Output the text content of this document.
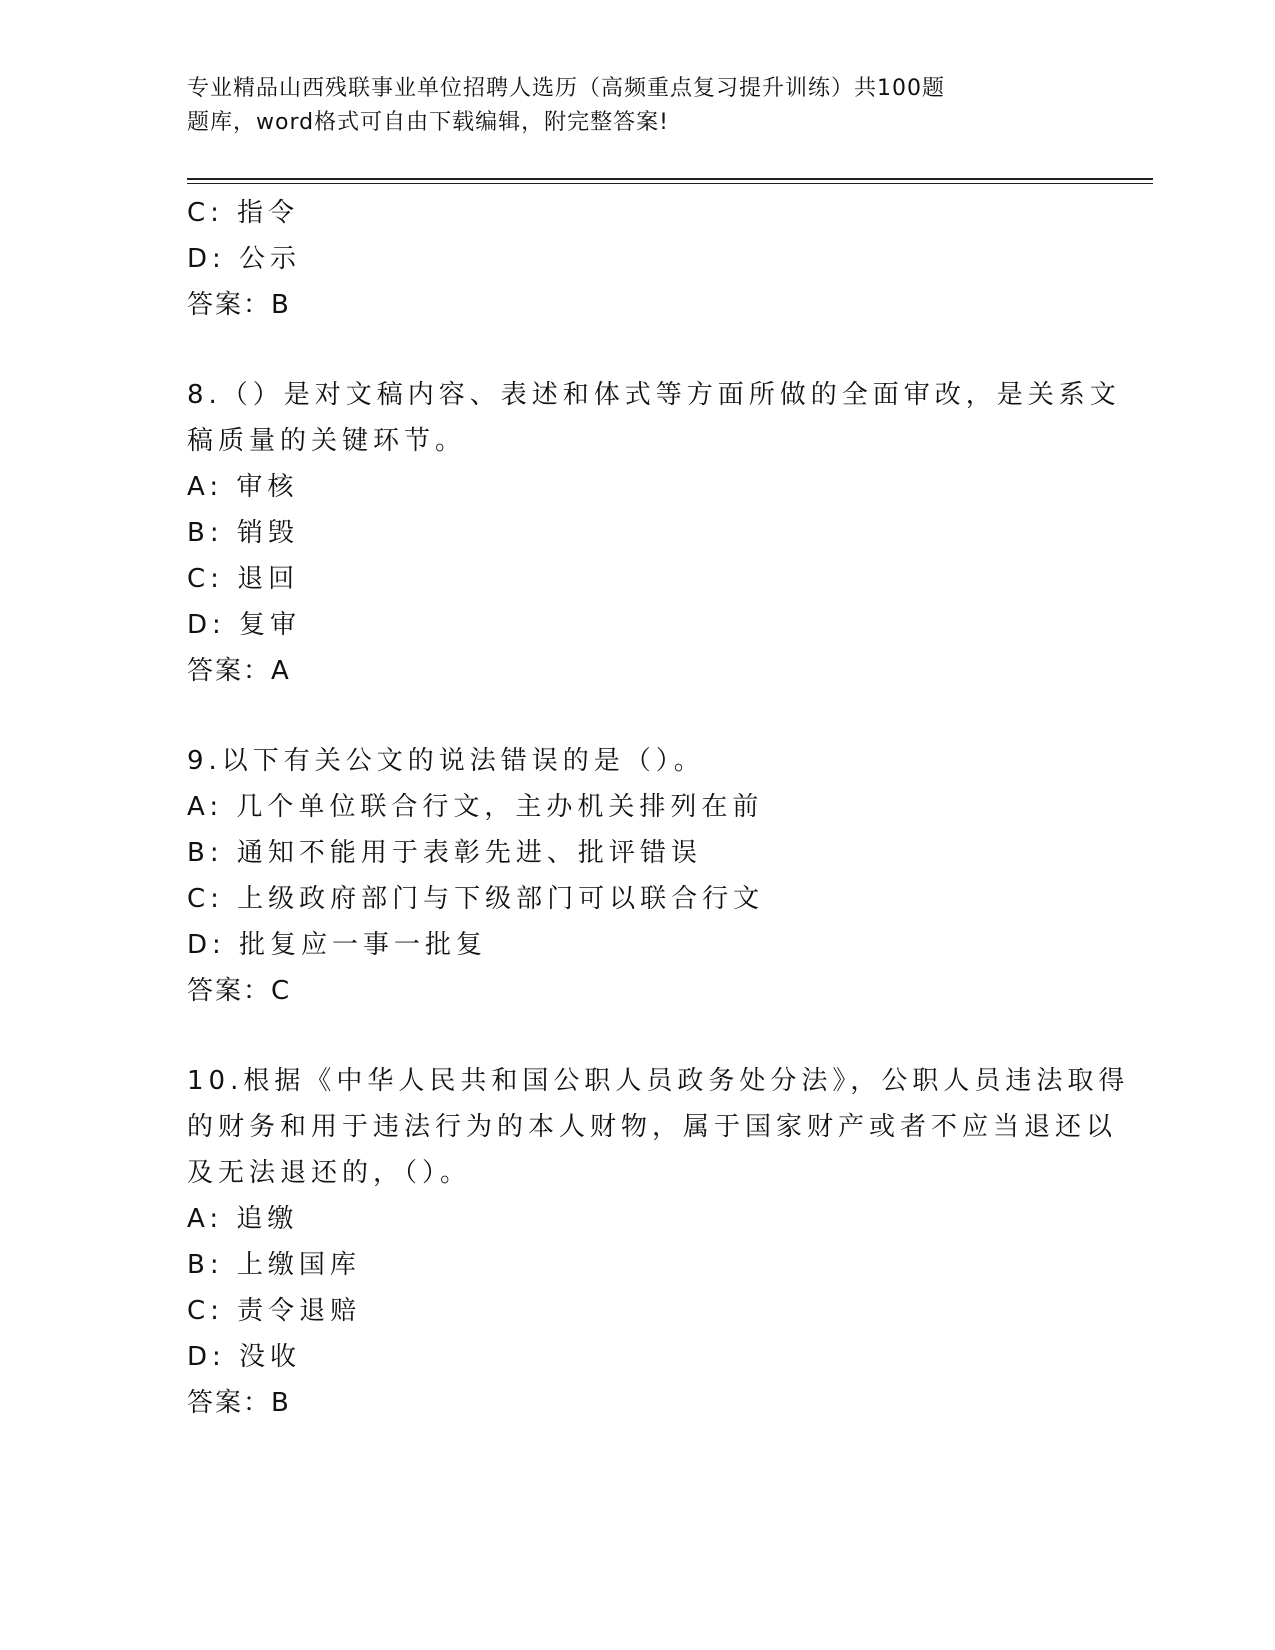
专业精品山西残联事业单位招聘人选历（高频重点复习提升训练）共100题
题库，word格式可自由下载编辑，附完整答案!
C: 指令
D: 公示
答案：B
8.（）是对文稿内容、表述和体式等方面所做的全面审改，是关系文
稿质量的关键环节。
A: 审核
B: 销毁
C: 退回
D: 复审
答案：A
9.以下有关公文的说法错误的是（）。
A: 几个单位联合行文，主办机关排列在前
B: 通知不能用于表彰先进、批评错误
C: 上级政府部门与下级部门可以联合行文
D: 批复应一事一批复
答案：C
10.根据《中华人民共和国公职人员政务处分法》，公职人员违法取得
的财务和用于违法行为的本人财物，属于国家财产或者不应当退还以
及无法退还的，（）。
A: 追缴
B: 上缴国库
C: 责令退赔
D: 没收
答案：B
